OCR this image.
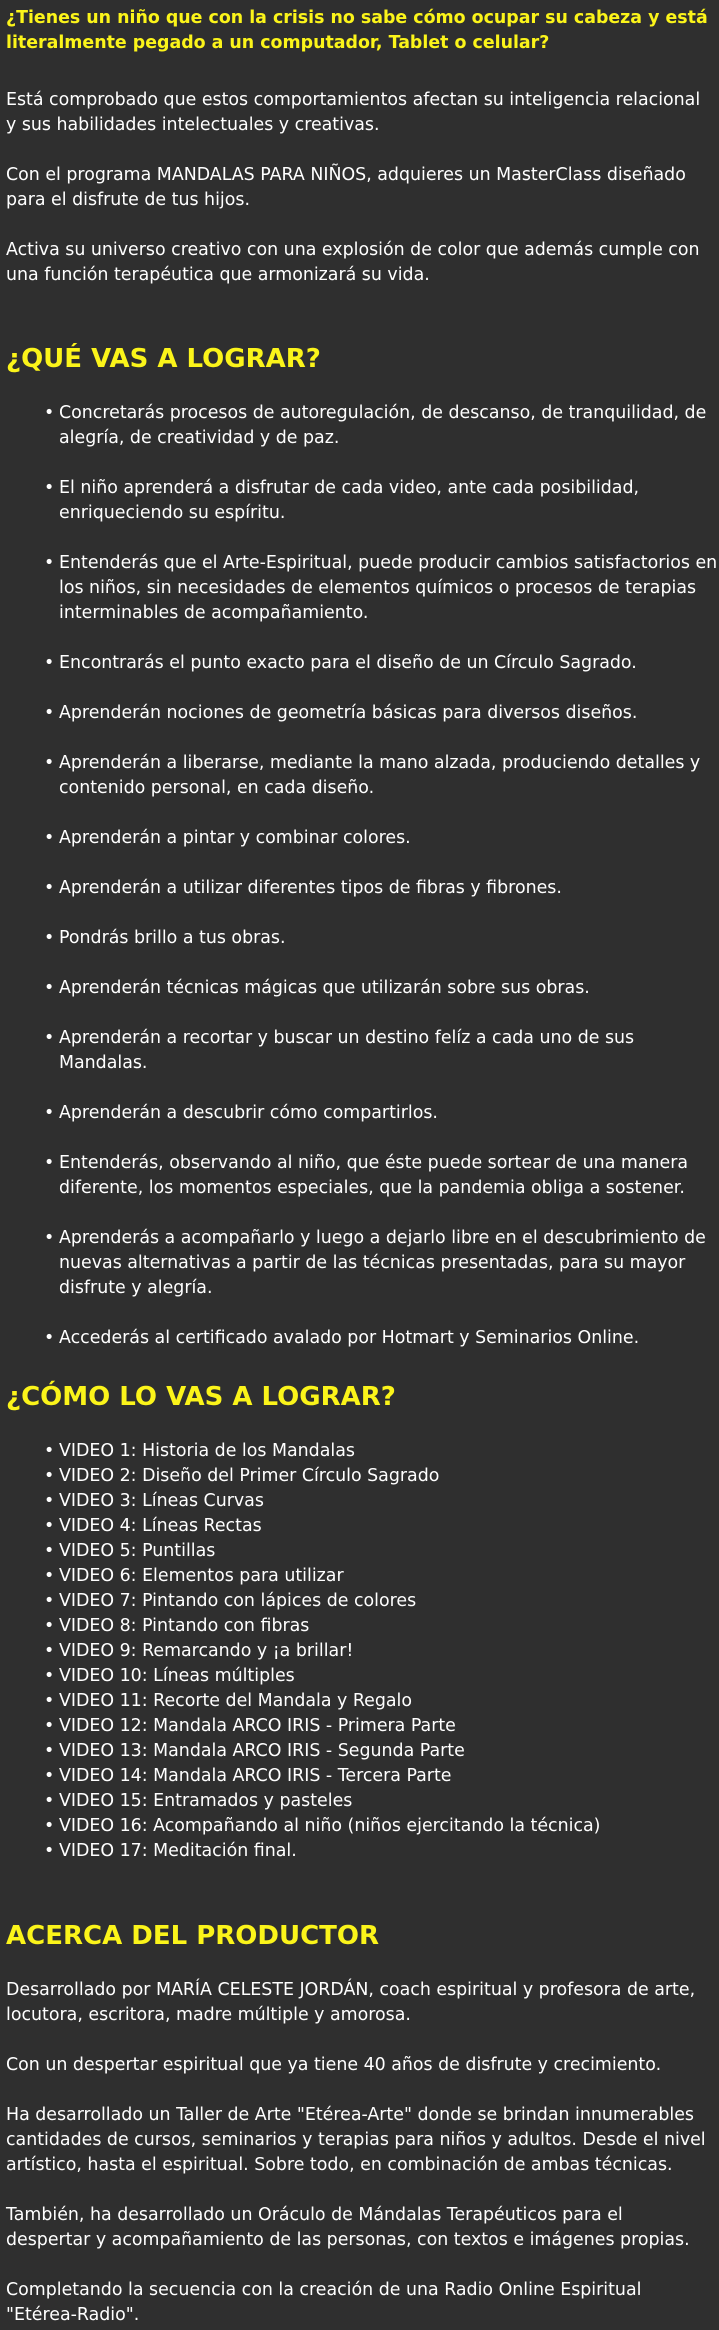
¿Tienes un niño que con la crisis no sabe cómo ocupar su cabeza y está literalmente pegado a un computador, Tablet o celular?

Está comprobado que estos comportamientos afectan su inteligencia relacional y sus habilidades intelectuales y creativas.

Con el programa MANDALAS PARA NIÑOS, adquieres un MasterClass diseñado para el disfrute de tus hijos.

Activa su universo creativo con una explosión de color que además cumple con una función terapéutica que armonizará su vida.

¿QUÉ VAS A LOGRAR?
• Concretarás procesos de autoregulación, de descanso, de tranquilidad, de alegría, de creatividad y de paz.
• El niño aprenderá a disfrutar de cada video, ante cada posibilidad, enriqueciendo su espíritu.
• Entenderás que el Arte-Espiritual, puede producir cambios satisfactorios en los niños, sin necesidades de elementos químicos o procesos de terapias interminables de acompañamiento.
• Encontrarás el punto exacto para el diseño de un Círculo Sagrado.
• Aprenderán nociones de geometría básicas para diversos diseños.
• Aprenderán a liberarse, mediante la mano alzada, produciendo detalles y contenido personal, en cada diseño.
• Aprenderán a pintar y combinar colores.
• Aprenderán a utilizar diferentes tipos de fibras y fibrones.
• Pondrás brillo a tus obras.
• Aprenderán técnicas mágicas que utilizarán sobre sus obras.
• Aprenderán a recortar y buscar un destino felíz a cada uno de sus Mandalas.
• Aprenderán a descubrir cómo compartirlos.
• Entenderás, observando al niño, que éste puede sortear de una manera diferente, los momentos especiales, que la pandemia obliga a sostener.
• Aprenderás a acompañarlo y luego a dejarlo libre en el descubrimiento de nuevas alternativas a partir de las técnicas presentadas, para su mayor disfrute y alegría.
• Accederás al certificado avalado por Hotmart y Seminarios Online.
¿CÓMO LO VAS A LOGRAR?
• VIDEO 1: Historia de los Mandalas
• VIDEO 2: Diseño del Primer Círculo Sagrado
• VIDEO 3: Líneas Curvas
• VIDEO 4: Líneas Rectas
• VIDEO 5: Puntillas
• VIDEO 6: Elementos para utilizar
• VIDEO 7: Pintando con lápices de colores
• VIDEO 8: Pintando con fibras
• VIDEO 9: Remarcando y ¡a brillar!
• VIDEO 10: Líneas múltiples
• VIDEO 11: Recorte del Mandala y Regalo
• VIDEO 12: Mandala ARCO IRIS - Primera Parte
• VIDEO 13: Mandala ARCO IRIS - Segunda Parte
• VIDEO 14: Mandala ARCO IRIS - Tercera Parte
• VIDEO 15: Entramados y pasteles
• VIDEO 16: Acompañando al niño (niños ejercitando la técnica)
• VIDEO 17: Meditación final.
ACERCA DEL PRODUCTOR

Desarrollado por MARÍA CELESTE JORDÁN, coach espiritual y profesora de arte, locutora, escritora, madre múltiple y amorosa.

Con un despertar espiritual que ya tiene 40 años de disfrute y crecimiento.

Ha desarrollado un Taller de Arte "Etérea-Arte" donde se brindan innumerables cantidades de cursos, seminarios y terapias para niños y adultos. Desde el nivel artístico, hasta el espiritual. Sobre todo, en combinación de ambas técnicas.

También, ha desarrollado un Oráculo de Mándalas Terapéuticos para el despertar y acompañamiento de las personas, con textos e imágenes propias.

Completando la secuencia con la creación de una Radio Online Espiritual "Etérea-Radio".
